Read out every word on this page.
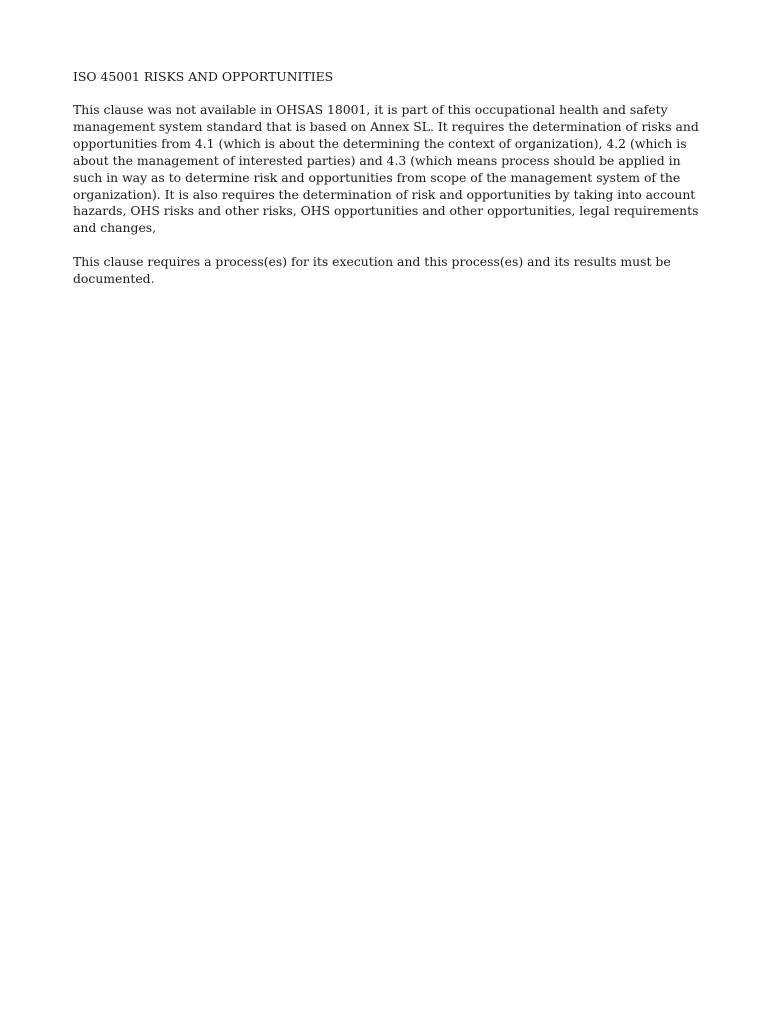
ISO 45001 RISKS AND OPPORTUNITIES

This clause was not available in OHSAS 18001, it is part of this occupational health and safety
management system standard that is based on Annex SL. It requires the determination of risks and
opportunities from 4.1 (which is about the determining the context of organization), 4.2 (which is
about the management of interested parties) and 4.3 (which means process should be applied in
such in way as to determine risk and opportunities from scope of the management system of the
organization). It is also requires the determination of risk and opportunities by taking into account
hazards, OHS risks and other risks, OHS opportunities and other opportunities, legal requirements
and changes,

This clause requires a process(es) for its execution and this process(es) and its results must be
documented.
